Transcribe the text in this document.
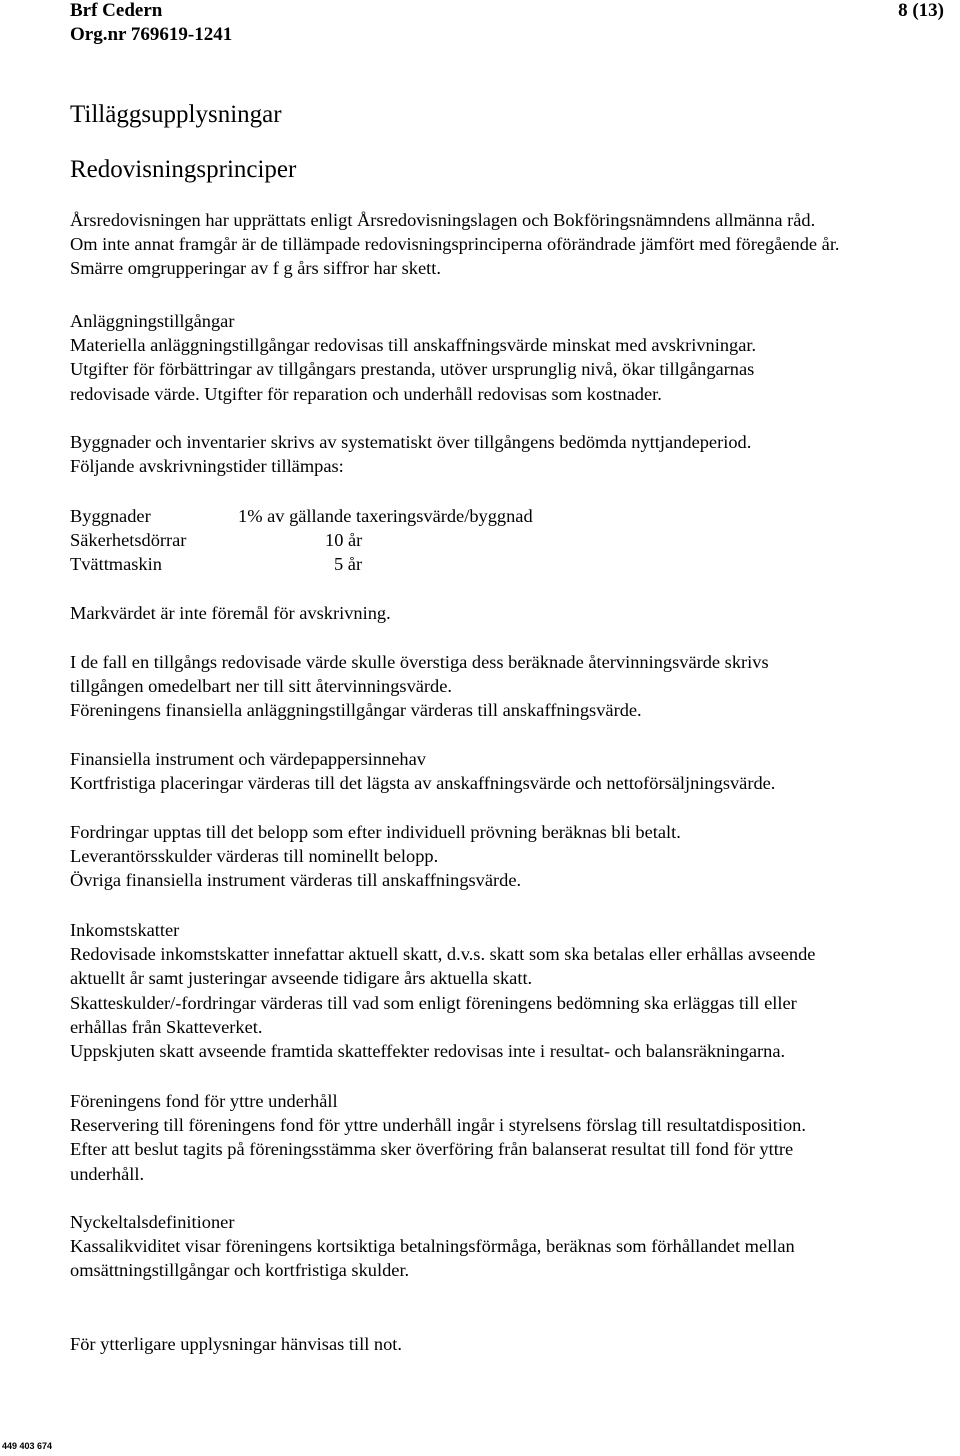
Brf Cedern
Org.nr 769619-1241
8 (13)
Tilläggsupplysningar
Redovisningsprinciper
Årsredovisningen har upprättats enligt Årsredovisningslagen och Bokföringsnämndens allmänna råd.
Om inte annat framgår är de tillämpade redovisningsprinciperna oförändrade jämfört med föregående år.
Smärre omgrupperingar av f g års siffror har skett.
Anläggningstillgångar
Materiella anläggningstillgångar redovisas till anskaffningsvärde minskat med avskrivningar.
Utgifter för förbättringar av tillgångars prestanda, utöver ursprunglig nivå, ökar tillgångarnas
redovisade värde. Utgifter för reparation och underhåll redovisas som kostnader.
Byggnader och inventarier skrivs av systematiskt över tillgångens bedömda nyttjandeperiod.
Följande avskrivningstider tillämpas:
Byggnader	1% av gällande taxeringsvärde/byggnad
Säkerhetsdörrar	10 år
Tvättmaskin	5 år
Markvärdet är inte föremål för avskrivning.
I de fall en tillgångs redovisade värde skulle överstiga dess beräknade återvinningsvärde skrivs
tillgången omedelbart ner till sitt återvinningsvärde.
Föreningens finansiella anläggningstillgångar värderas till anskaffningsvärde.
Finansiella instrument och värdepappersinnehav
Kortfristiga placeringar värderas till det lägsta av anskaffningsvärde och nettoförsäljningsvärde.
Fordringar upptas till det belopp som efter individuell prövning beräknas bli betalt.
Leverantörsskulder värderas till nominellt belopp.
Övriga finansiella instrument värderas till anskaffningsvärde.
Inkomstskatter
Redovisade inkomstskatter innefattar aktuell skatt, d.v.s. skatt som ska betalas eller erhållas avseende
aktuellt år samt justeringar avseende tidigare års aktuella skatt.
Skatteskulder/-fordringar värderas till vad som enligt föreningens bedömning ska erläggas till eller
erhållas från Skatteverket.
Uppskjuten skatt avseende framtida skatteffekter redovisas inte i resultat- och balansräkningarna.
Föreningens fond för yttre underhåll
Reservering till föreningens fond för yttre underhåll ingår i styrelsens förslag till resultatdisposition.
Efter att beslut tagits på föreningsstämma sker överföring från balanserat resultat till fond för yttre
underhåll.
Nyckeltalsdefinitioner
Kassalikviditet visar föreningens kortsiktiga betalningsförmåga, beräknas som förhållandet mellan
omsättningstillgångar och kortfristiga skulder.
För ytterligare upplysningar hänvisas till not.
449 403 674
